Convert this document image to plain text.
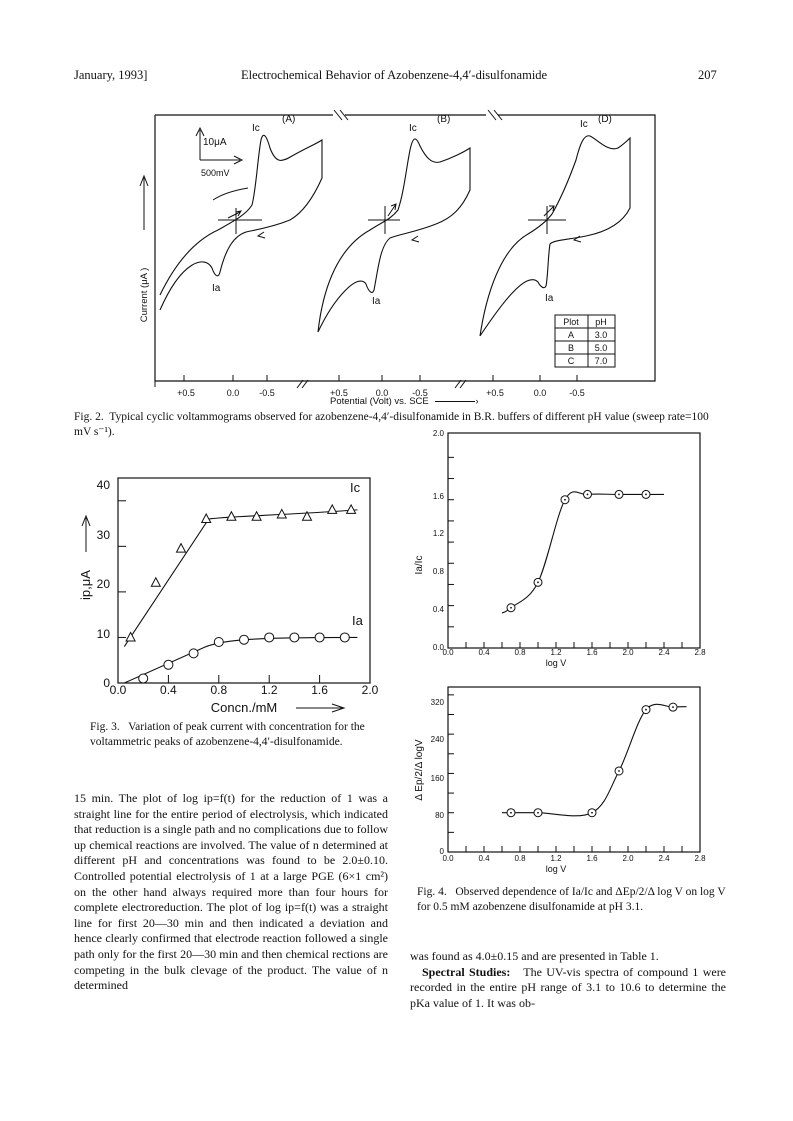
January, 1993]	Electrochemical Behavior of Azobenzene-4,4′-disulfonamide	207
10μA
500mV
Current (μA )
(A)
Ic
Ia
(B)
Ic
Ia
(D)
Ic
Ia
Plot pH
A 3.0
B 5.0
C 7.0
+0.5	0.0 -0.5	+0.5	0.0	-0.5	+0.5	0.0	-0.5
Potential (Volt) vs. SCE	›
Fig. 2. Typical cyclic voltammograms observed for azobenzene-4,4′-disulfonamide in B.R. buffers of different pH value (sweep rate=100 mV s⁻¹).
Ic
Ia
0.0	0.4	0.8	1.2	1.6	2.0
0
10
20
30
40
ip,μA
Concn./mM
Fig. 3. Variation of peak current with concentration for the voltammetric peaks of azobenzene-4,4′-disulfonamide.
0.0
0.4
0.8
1.2
1.6
2.0
Ia/Ic
0.0	0.4	0.8	1.2	1.6	2.0	2.4	2.8
log V
0
80
160
240
320
Δ Ep/2/Δ logV
0.0	0.4	0.8	1.2	1.6	2.0	2.4	2.8
log V
Fig. 4. Observed dependence of Ia/Ic and ΔEp/2/Δ log V on log V for 0.5 mM azobenzene disulfonamide at pH 3.1.

15 min. The plot of log ip=f(t) for the reduction of 1 was a straight line for the entire period of electrolysis, which indicated that reduction is a single path and no complications due to follow up chemical reactions are involved. The value of n determined at different pH and concentrations was found to be 2.0±0.10. Controlled potential electrolysis of 1 at a large PGE (6×1 cm²) on the other hand always required more than four hours for complete electroreduction. The plot of log ip=f(t) was a straight line for first 20—30 min and then indicated a deviation and hence clearly confirmed that electrode reaction followed a single path only for the first 20—30 min and then chemical rections are competing in the bulk clevage of the product. The value of n determined

was found as 4.0±0.15 and are presented in Table 1.

Spectral Studies: The UV-vis spectra of compound 1 were recorded in the entire pH range of 3.1 to 10.6 to determine the pKa value of 1. It was ob-
